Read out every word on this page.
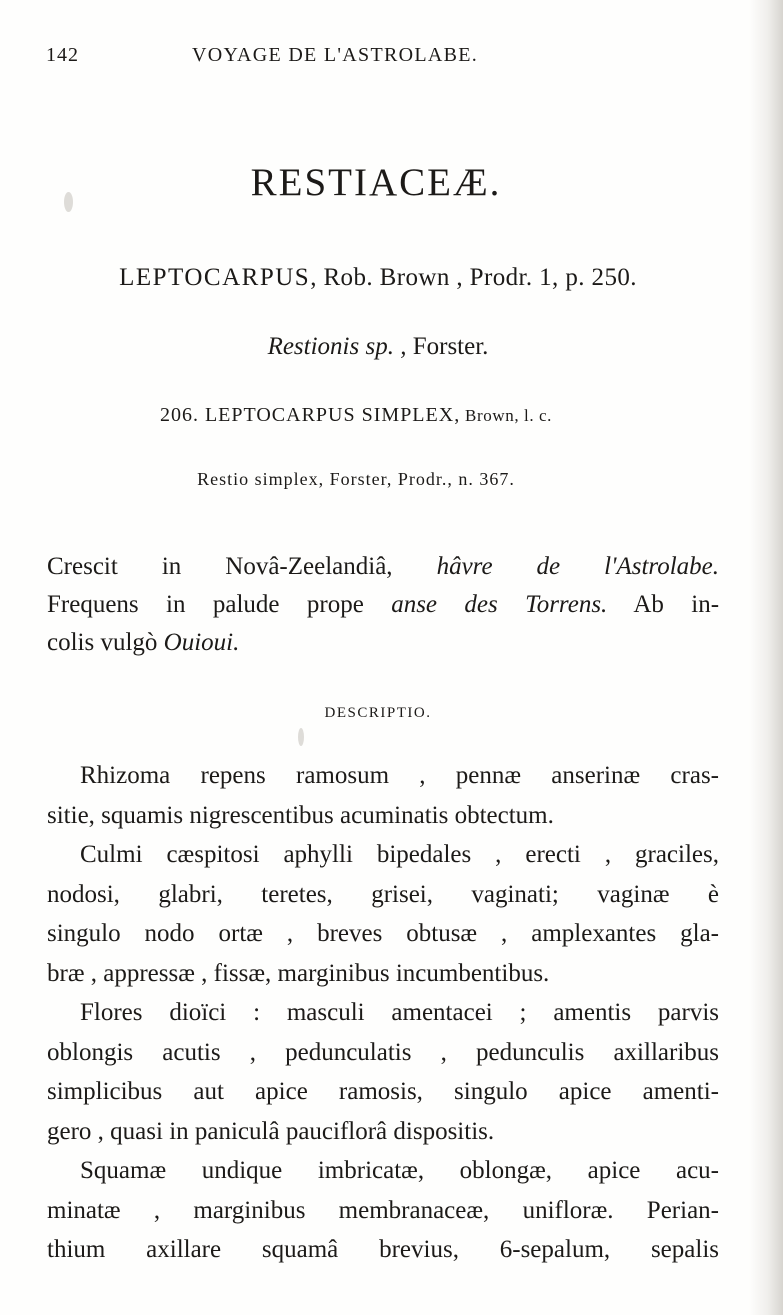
142	VOYAGE DE L'ASTROLABE.
RESTIACEÆ.
LEPTOCARPUS, Rob. Brown , Prodr. 1, p. 250.
Restionis sp. , Forster.
206. LEPTOCARPUS SIMPLEX, Brown, l. c.
Restio simplex, Forster, Prodr., n. 367.
Crescit in Novâ-Zeelandiâ, hâvre de l'Astrolabe.
Frequens in palude prope anse des Torrens. Ab in-
colis vulgò Ouioui.
DESCRIPTIO.
Rhizoma repens ramosum , pennæ anserinæ cras-
sitie, squamis nigrescentibus acuminatis obtectum.
Culmi cæspitosi aphylli bipedales , erecti , graciles,
nodosi, glabri, teretes, grisei, vaginati; vaginæ è
singulo nodo ortæ , breves obtusæ , amplexantes gla-
bræ , appressæ , fissæ, marginibus incumbentibus.
Flores dioïci : masculi amentacei ; amentis parvis
oblongis acutis , pedunculatis , pedunculis axillaribus
simplicibus aut apice ramosis, singulo apice amenti-
gero , quasi in paniculâ pauciflorâ dispositis.
Squamæ undique imbricatæ, oblongæ, apice acu-
minatæ , marginibus membranaceæ, unifloræ. Perian-
thium axillare squamâ brevius, 6-sepalum, sepalis
